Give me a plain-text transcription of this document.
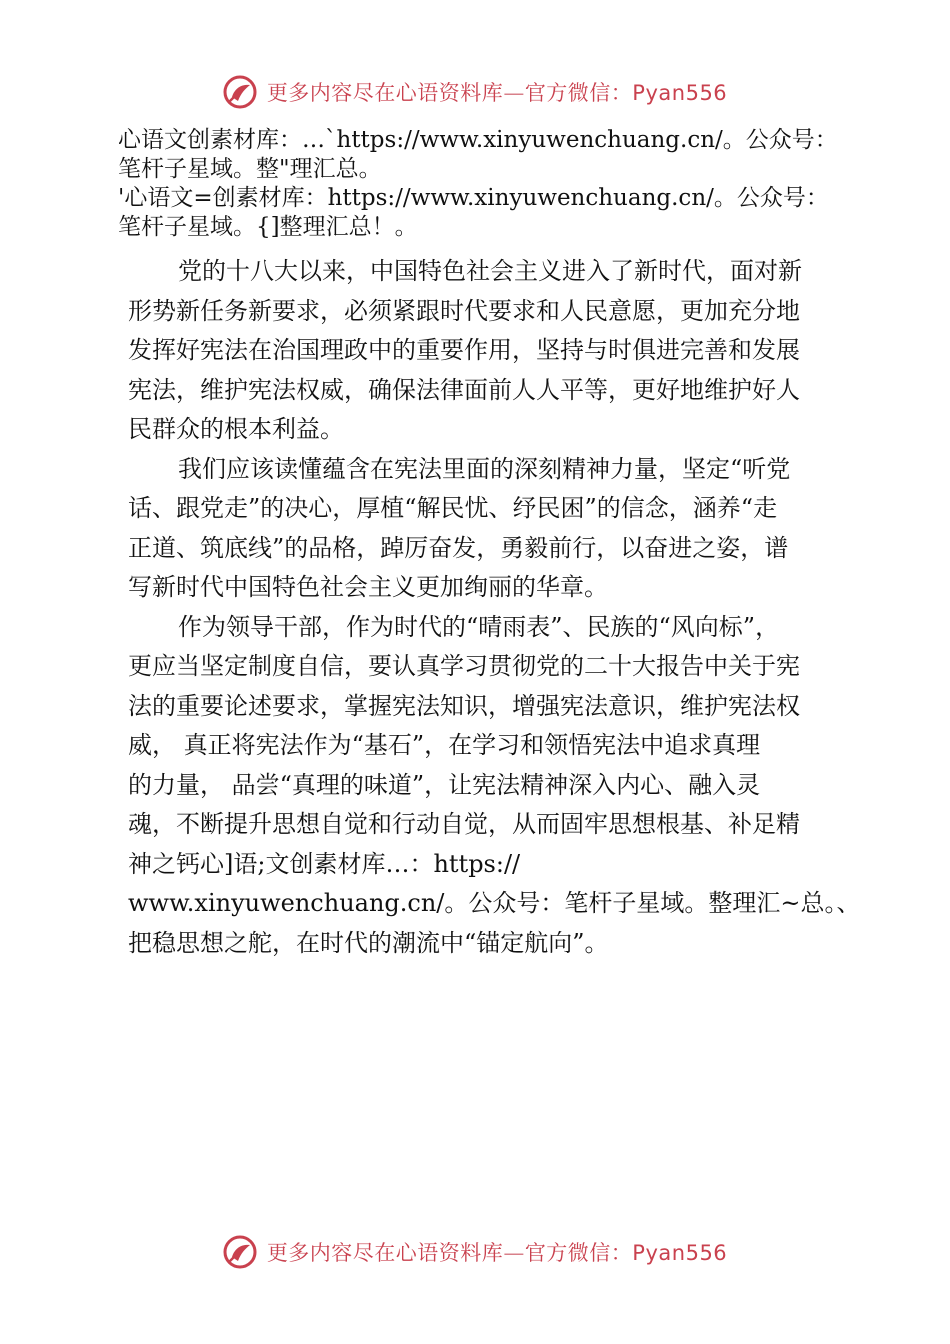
更多内容尽在心语资料库—官方微信：Pyan556

心语文创素材库：…`https://www.xinyuwenchuang.cn/。公众号：

笔杆子星域。整"理汇总。

'心语文=创素材库：https://www.xinyuwenchuang.cn/。公众号：

笔杆子星域。{]整理汇总！。

党的十八大以来，中国特色社会主义进入了新时代，面对新
形势新任务新要求，必须紧跟时代要求和人民意愿，更加充分地
发挥好宪法在治国理政中的重要作用，坚持与时俱进完善和发展
宪法，维护宪法权威，确保法律面前人人平等，更好地维护好人
民群众的根本利益。

我们应该读懂蕴含在宪法里面的深刻精神力量，坚定“听党
话、跟党走”的决心，厚植“解民忧、纾民困”的信念，涵养“走
正道、筑底线”的品格，踔厉奋发，勇毅前行，以奋进之姿，谱
写新时代中国特色社会主义更加绚丽的华章。

作为领导干部，作为时代的“晴雨表”、民族的“风向标”，
更应当坚定制度自信，要认真学习贯彻党的二十大报告中关于宪
法的重要论述要求，掌握宪法知识，增强宪法意识，维护宪法权
威， 真正将宪法作为“基石”，在学习和领悟宪法中追求真理
的力量， 品尝“真理的味道”，让宪法精神深入内心、融入灵
魂，不断提升思想自觉和行动自觉，从而固牢思想根基、补足精
神之钙心]语;文创素材库…：https://
www.xinyuwenchuang.cn/。公众号：笔杆子星域。整理汇~总。、
把稳思想之舵，在时代的潮流中“锚定航向”。

更多内容尽在心语资料库—官方微信：Pyan556
